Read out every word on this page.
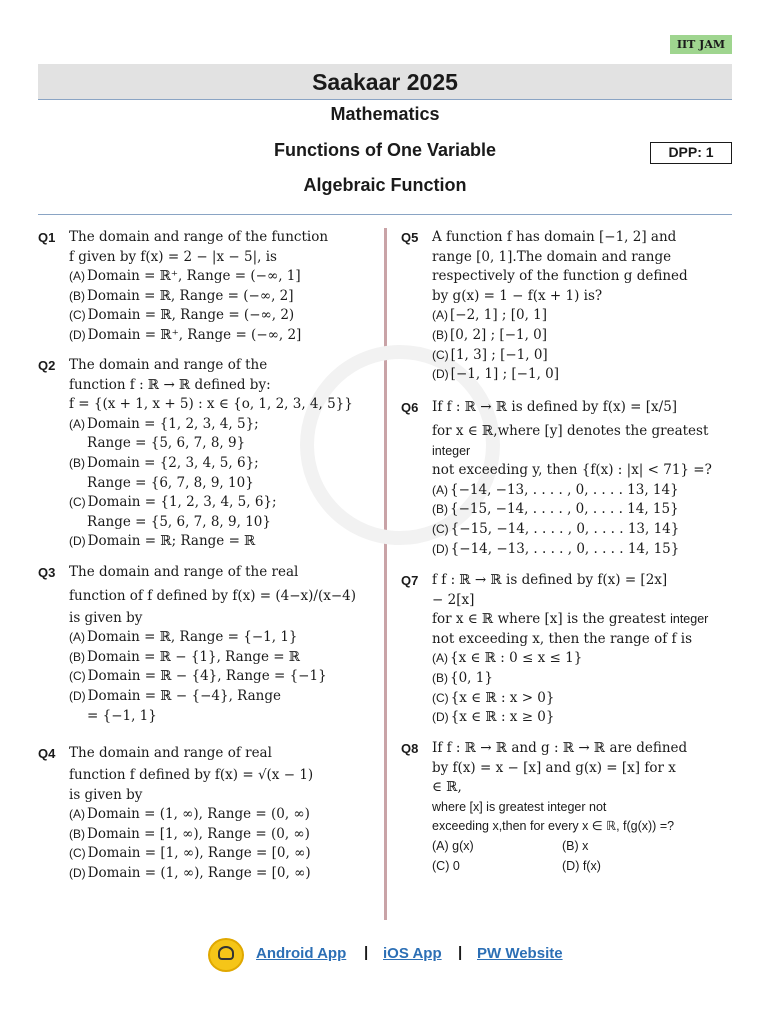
IIT JAM
Saakaar 2025
Mathematics
Functions of One Variable	DPP: 1
Algebraic Function
Q1 The domain and range of the function
f given by f(x) = 2 − |x − 5|, is
(A) Domain = ℝ⁺, Range = (−∞, 1]
(B) Domain = ℝ, Range = (−∞, 2]
(C) Domain = ℝ, Range = (−∞, 2)
(D) Domain = ℝ⁺, Range = (−∞, 2]
Q2 The domain and range of the
function f : ℝ → ℝ defined by:
f = {(x + 1, x + 5) : x ∈ {o, 1, 2, 3, 4, 5}}
(A) Domain = {1, 2, 3, 4, 5};
Range = {5, 6, 7, 8, 9}
(B) Domain = {2, 3, 4, 5, 6};
Range = {6, 7, 8, 9, 10}
(C) Domain = {1, 2, 3, 4, 5, 6};
Range = {5, 6, 7, 8, 9, 10}
(D) Domain = ℝ; Range = ℝ
Q3 The domain and range of the real
function of f defined by f(x) = (4−x)/(x−4)
is given by
(A) Domain = ℝ, Range = {−1, 1}
(B) Domain = ℝ − {1}, Range = ℝ
(C) Domain = ℝ − {4}, Range = {−1}
(D) Domain = ℝ − {−4}, Range
= {−1, 1}
Q4 The domain and range of real
function f defined by f(x) = √(x − 1)
is given by
(A) Domain = (1, ∞), Range = (0, ∞)
(B) Domain = [1, ∞), Range = (0, ∞)
(C) Domain = [1, ∞), Range = [0, ∞)
(D) Domain = (1, ∞), Range = [0, ∞)
Q5 A function f has domain [−1, 2] and
range [0, 1].The domain and range
respectively of the function g defined
by g(x) = 1 − f(x + 1) is?
(A) [−2, 1] ; [0, 1]
(B) [0, 2] ; [−1, 0]
(C) [1, 3] ; [−1, 0]
(D) [−1, 1] ; [−1, 0]
Q6 If f : ℝ → ℝ is defined by f(x) = [x/5]
for x ∈ ℝ,where [y] denotes the greatest
integer
not exceeding y, then {f(x) : |x| < 71} =?
(A) {−14, −13, . . . . , 0, . . . . 13, 14}
(B) {−15, −14, . . . . , 0, . . . . 14, 15}
(C) {−15, −14, . . . . , 0, . . . . 13, 14}
(D) {−14, −13, . . . . , 0, . . . . 14, 15}
Q7 f f : ℝ → ℝ is defined by f(x) = [2x]
− 2[x]
for x ∈ ℝ where [x] is the greatest integer
not exceeding x, then the range of f is
(A) {x ∈ ℝ : 0 ≤ x ≤ 1}
(B) {0, 1}
(C) {x ∈ ℝ : x > 0}
(D) {x ∈ ℝ : x ≥ 0}
Q8 If f : ℝ → ℝ and g : ℝ → ℝ are defined
by f(x) = x − [x] and g(x) = [x] for x
∈ ℝ,
where [x] is greatest integer not
exceeding x,then for every x ∈ ℝ, f(g(x)) =?
(A) g(x)	(B) x
(C) 0	(D) f(x)
Android App | iOS App | PW Website
